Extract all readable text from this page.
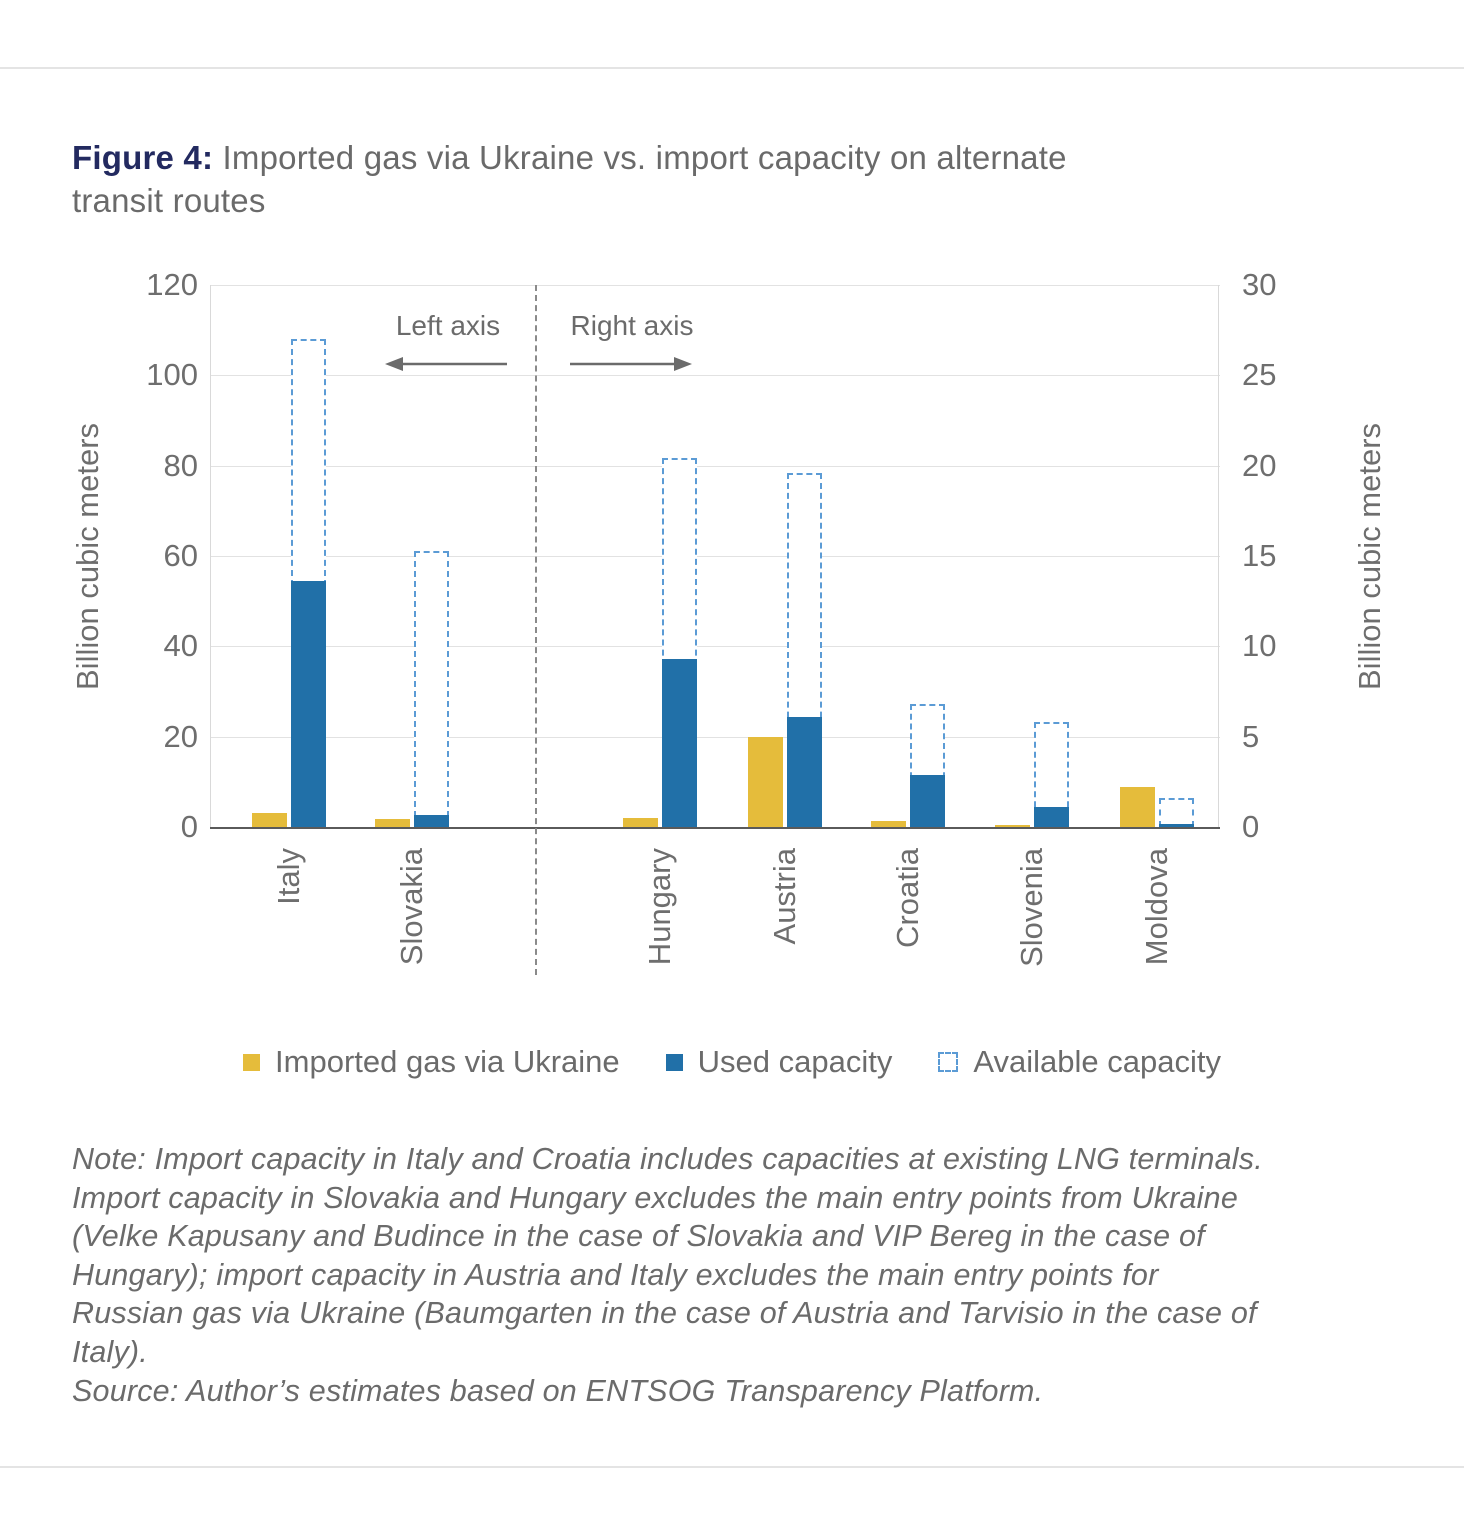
Figure 4: Imported gas via Ukraine vs. import capacity on alternate transit routes
0
20
40
60
80
100
120
0
5
10
15
20
25
30
Italy	Slovakia	Hungary	Austria	Croatia	Slovenia	Moldova
Billion cubic meters	Billion cubic meters
Left axis	Right axis
Imported gas via Ukraine	Used capacity	Available capacity
Note: Import capacity in Italy and Croatia includes capacities at existing LNG terminals. Import capacity in Slovakia and Hungary excludes the main entry points from Ukraine (Velke Kapusany and Budince in the case of Slovakia and VIP Bereg in the case of Hungary); import capacity in Austria and Italy excludes the main entry points for Russian gas via Ukraine (Baumgarten in the case of Austria and Tarvisio in the case of Italy).
Source: Author’s estimates based on ENTSOG Transparency Platform.
